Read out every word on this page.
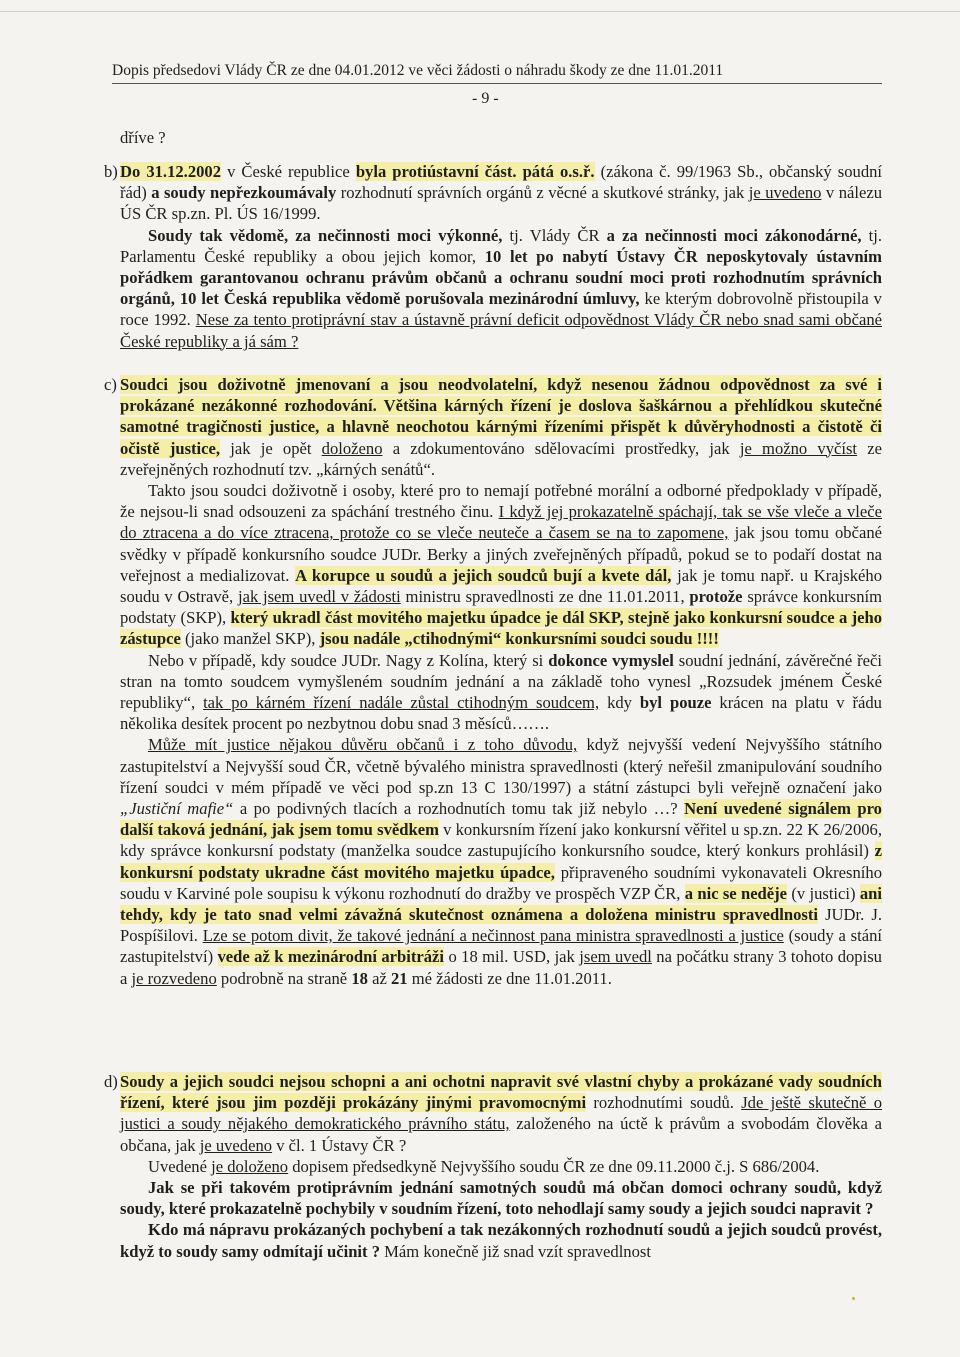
Dopis předsedovi Vlády ČR ze dne 04.01.2012 ve věci žádosti o náhradu škody ze dne 11.01.2011
- 9 -

dříve ?

b) Do 31.12.2002 v České republice byla protiústavní část. pátá o.s.ř. (zákona č. 99/1963 Sb., občanský soudní řád) a soudy nepřezkoumávaly rozhodnutí správních orgánů z věcné a skutkové stránky, jak je uvedeno v nálezu ÚS ČR sp.zn. Pl. ÚS 16/1999.

Soudy tak vědomě, za nečinnosti moci výkonné, tj. Vlády ČR a za nečinnosti moci zákonodárné, tj. Parlamentu České republiky a obou jejich komor, 10 let po nabytí Ústavy ČR neposkytovaly ústavním pořádkem garantovanou ochranu právům občanů a ochranu soudní moci proti rozhodnutím správních orgánů, 10 let Česká republika vědomě porušovala mezinárodní úmluvy, ke kterým dobrovolně přistoupila v roce 1992. Nese za tento protiprávní stav a ústavně právní deficit odpovědnost Vlády ČR nebo snad sami občané České republiky a já sám ?

c) Soudci jsou doživotně jmenovaní a jsou neodvolatelní, když nesenou žádnou odpovědnost za své i prokázané nezákonné rozhodování. Většina kárných řízení je doslova šaškárnou a přehlídkou skutečné samotné tragičnosti justice, a hlavně neochotou kárnými řízeními přispět k důvěryhodnosti a čistotě či očistě justice, jak je opět doloženo a zdokumentováno sdělovacími prostředky, jak je možno vyčíst ze zveřejněných rozhodnutí tzv. „kárných senátů“.

Takto jsou soudci doživotně i osoby, které pro to nemají potřebné morální a odborné předpoklady v případě, že nejsou-li snad odsouzeni za spáchání trestného činu. I když jej prokazatelně spáchají, tak se vše vleče a vleče do ztracena a do více ztracena, protože co se vleče neuteče a časem se na to zapomene, jak jsou tomu občané svědky v případě konkursního soudce JUDr. Berky a jiných zveřejněných případů, pokud se to podaří dostat na veřejnost a medializovat. A korupce u soudů a jejich soudců bují a kvete dál, jak je tomu např. u Krajského soudu v Ostravě, jak jsem uvedl v žádosti ministru spravedlnosti ze dne 11.01.2011, protože správce konkursním podstaty (SKP), který ukradl část movitého majetku úpadce je dál SKP, stejně jako konkursní soudce a jeho zástupce (jako manžel SKP), jsou nadále „ctihodnými“ konkursními soudci soudu !!!!

Nebo v případě, kdy soudce JUDr. Nagy z Kolína, který si dokonce vymyslel soudní jednání, závěrečné řeči stran na tomto soudcem vymyšleném soudním jednání a na základě toho vynesl „Rozsudek jménem České republiky“, tak po kárném řízení nadále zůstal ctihodným soudcem, kdy byl pouze krácen na platu v řádu několika desítek procent po nezbytnou dobu snad 3 měsíců…….

Může mít justice nějakou důvěru občanů i z toho důvodu, když nejvyšší vedení Nejvyššího státního zastupitelství a Nejvyšší soud ČR, včetně bývalého ministra spravedlnosti (který neřešil zmanipulování soudního řízení soudci v mém případě ve věci pod sp.zn 13 C 130/1997) a státní zástupci byli veřejně označení jako „Justiční mafie“ a po podivných tlacích a rozhodnutích tomu tak již nebylo …? Není uvedené signálem pro další taková jednání, jak jsem tomu svědkem v konkursním řízení jako konkursní věřitel u sp.zn. 22 K 26/2006, kdy správce konkursní podstaty (manželka soudce zastupujícího konkursního soudce, který konkurs prohlásil) z konkursní podstaty ukradne část movitého majetku úpadce, připraveného soudními vykonavateli Okresního soudu v Karviné pole soupisu k výkonu rozhodnutí do dražby ve prospěch VZP ČR, a nic se neděje (v justici) ani tehdy, kdy je tato snad velmi závažná skutečnost oznámena a doložena ministru spravedlnosti JUDr. J. Pospíšilovi. Lze se potom divit, že takové jednání a nečinnost pana ministra spravedlnosti a justice (soudy a stání zastupitelství) vede až k mezinárodní arbitráži o 18 mil. USD, jak jsem uvedl na počátku strany 3 tohoto dopisu a je rozvedeno podrobně na straně 18 až 21 mé žádosti ze dne 11.01.2011.

d) Soudy a jejich soudci nejsou schopni a ani ochotni napravit své vlastní chyby a prokázané vady soudních řízení, které jsou jim později prokázány jinými pravomocnými rozhodnutími soudů. Jde ještě skutečně o justici a soudy nějakého demokratického právního státu, založeného na úctě k právům a svobodám člověka a občana, jak je uvedeno v čl. 1 Ústavy ČR ?

Uvedené je doloženo dopisem předsedkyně Nejvyššího soudu ČR ze dne 09.11.2000 č.j. S 686/2004.

Jak se při takovém protiprávním jednání samotných soudů má občan domoci ochrany soudů, když soudy, které prokazatelně pochybily v soudním řízení, toto nehodlají samy soudy a jejich soudci napravit ?

Kdo má nápravu prokázaných pochybení a tak nezákonných rozhodnutí soudů a jejich soudců provést, když to soudy samy odmítají učinit ? Mám konečně již snad vzít spravedlnost
